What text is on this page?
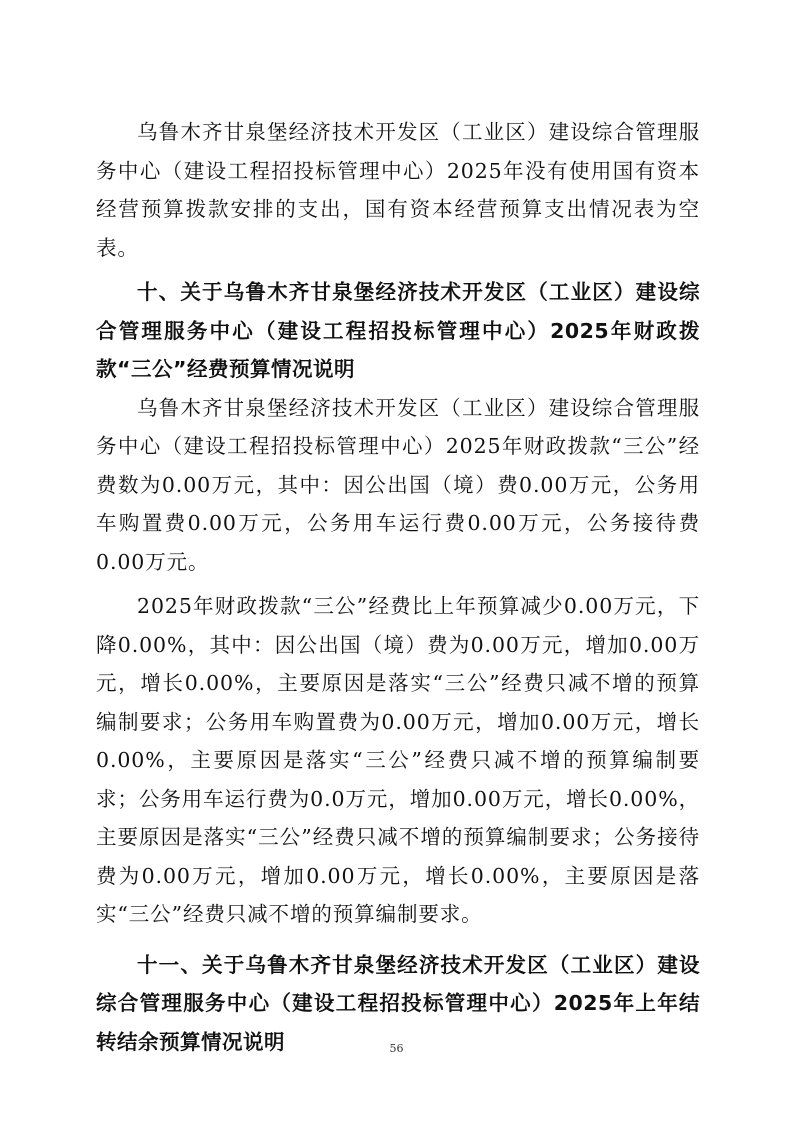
乌鲁木齐甘泉堡经济技术开发区（工业区）建设综合管理服务中心（建设工程招投标管理中心）2025年没有使用国有资本经营预算拨款安排的支出，国有资本经营预算支出情况表为空表。

十、关于乌鲁木齐甘泉堡经济技术开发区（工业区）建设综合管理服务中心（建设工程招投标管理中心）2025年财政拨款“三公”经费预算情况说明

乌鲁木齐甘泉堡经济技术开发区（工业区）建设综合管理服务中心（建设工程招投标管理中心）2025年财政拨款“三公”经费数为0.00万元，其中：因公出国（境）费0.00万元，公务用车购置费0.00万元，公务用车运行费0.00万元，公务接待费0.00万元。

2025年财政拨款“三公”经费比上年预算减少0.00万元，下降0.00%，其中：因公出国（境）费为0.00万元，增加0.00万元，增长0.00%，主要原因是落实“三公”经费只减不增的预算编制要求；公务用车购置费为0.00万元，增加0.00万元，增长0.00%，主要原因是落实“三公”经费只减不增的预算编制要求；公务用车运行费为0.0万元，增加0.00万元，增长0.00%，主要原因是落实“三公”经费只减不增的预算编制要求；公务接待费为0.00万元，增加0.00万元，增长0.00%，主要原因是落实“三公”经费只减不增的预算编制要求。

十一、关于乌鲁木齐甘泉堡经济技术开发区（工业区）建设综合管理服务中心（建设工程招投标管理中心）2025年上年结转结余预算情况说明	56
